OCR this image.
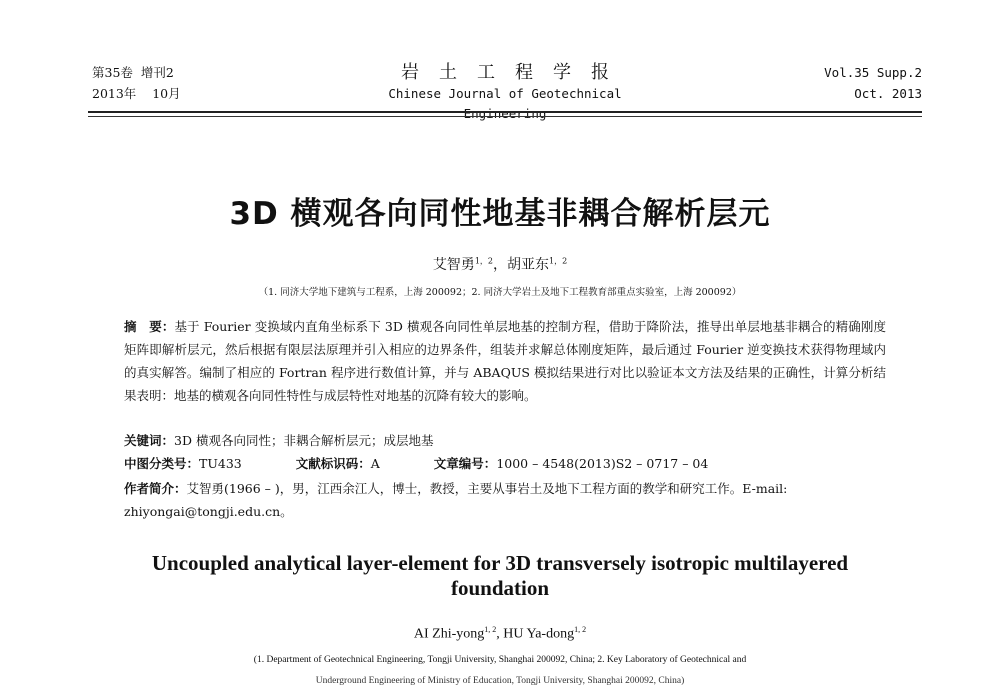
第35卷 增刊2
2013年 10月
岩土工程学报
Chinese Journal of Geotechnical Engineering
Vol.35 Supp.2
Oct. 2013
3D 横观各向同性地基非耦合解析层元
艾智勇$^{1,2}$，胡亚东$^{1,2}$
（1. 同济大学地下建筑与工程系，上海 200092；2. 同济大学岩土及地下工程教育部重点实验室，上海 200092）

摘　要：基于 Fourier 变换域内直角坐标系下 3D 横观各向同性单层地基的控制方程，借助于降阶法，推导出单层地基非耦合的精确刚度矩阵即解析层元，然后根据有限层法原理并引入相应的边界条件，组装并求解总体刚度矩阵，最后通过 Fourier 逆变换技术获得物理域内的真实解答。编制了相应的 Fortran 程序进行数值计算，并与 ABAQUS 模拟结果进行对比以验证本文方法及结果的正确性，计算分析结果表明：地基的横观各向同性特性与成层特性对地基的沉降有较大的影响。

关键词：3D 横观各向同性；非耦合解析层元；成层地基
中图分类号：TU433	文献标识码：A	文章编号：1000 – 4548(2013)S2 – 0717 – 04
作者简介：艾智勇(1966 – )，男，江西余江人，博士，教授，主要从事岩土及地下工程方面的教学和研究工作。E-mail:
zhiyongai@tongji.edu.cn。
Uncoupled analytical layer-element for 3D transversely isotropic multilayered foundation
AI Zhi-yong$^{1, 2}$, HU Ya-dong$^{1, 2}$
(1. Department of Geotechnical Engineering, Tongji University, Shanghai 200092, China; 2. Key Laboratory of Geotechnical and
Underground Engineering of Ministry of Education, Tongji University, Shanghai 200092, China)
